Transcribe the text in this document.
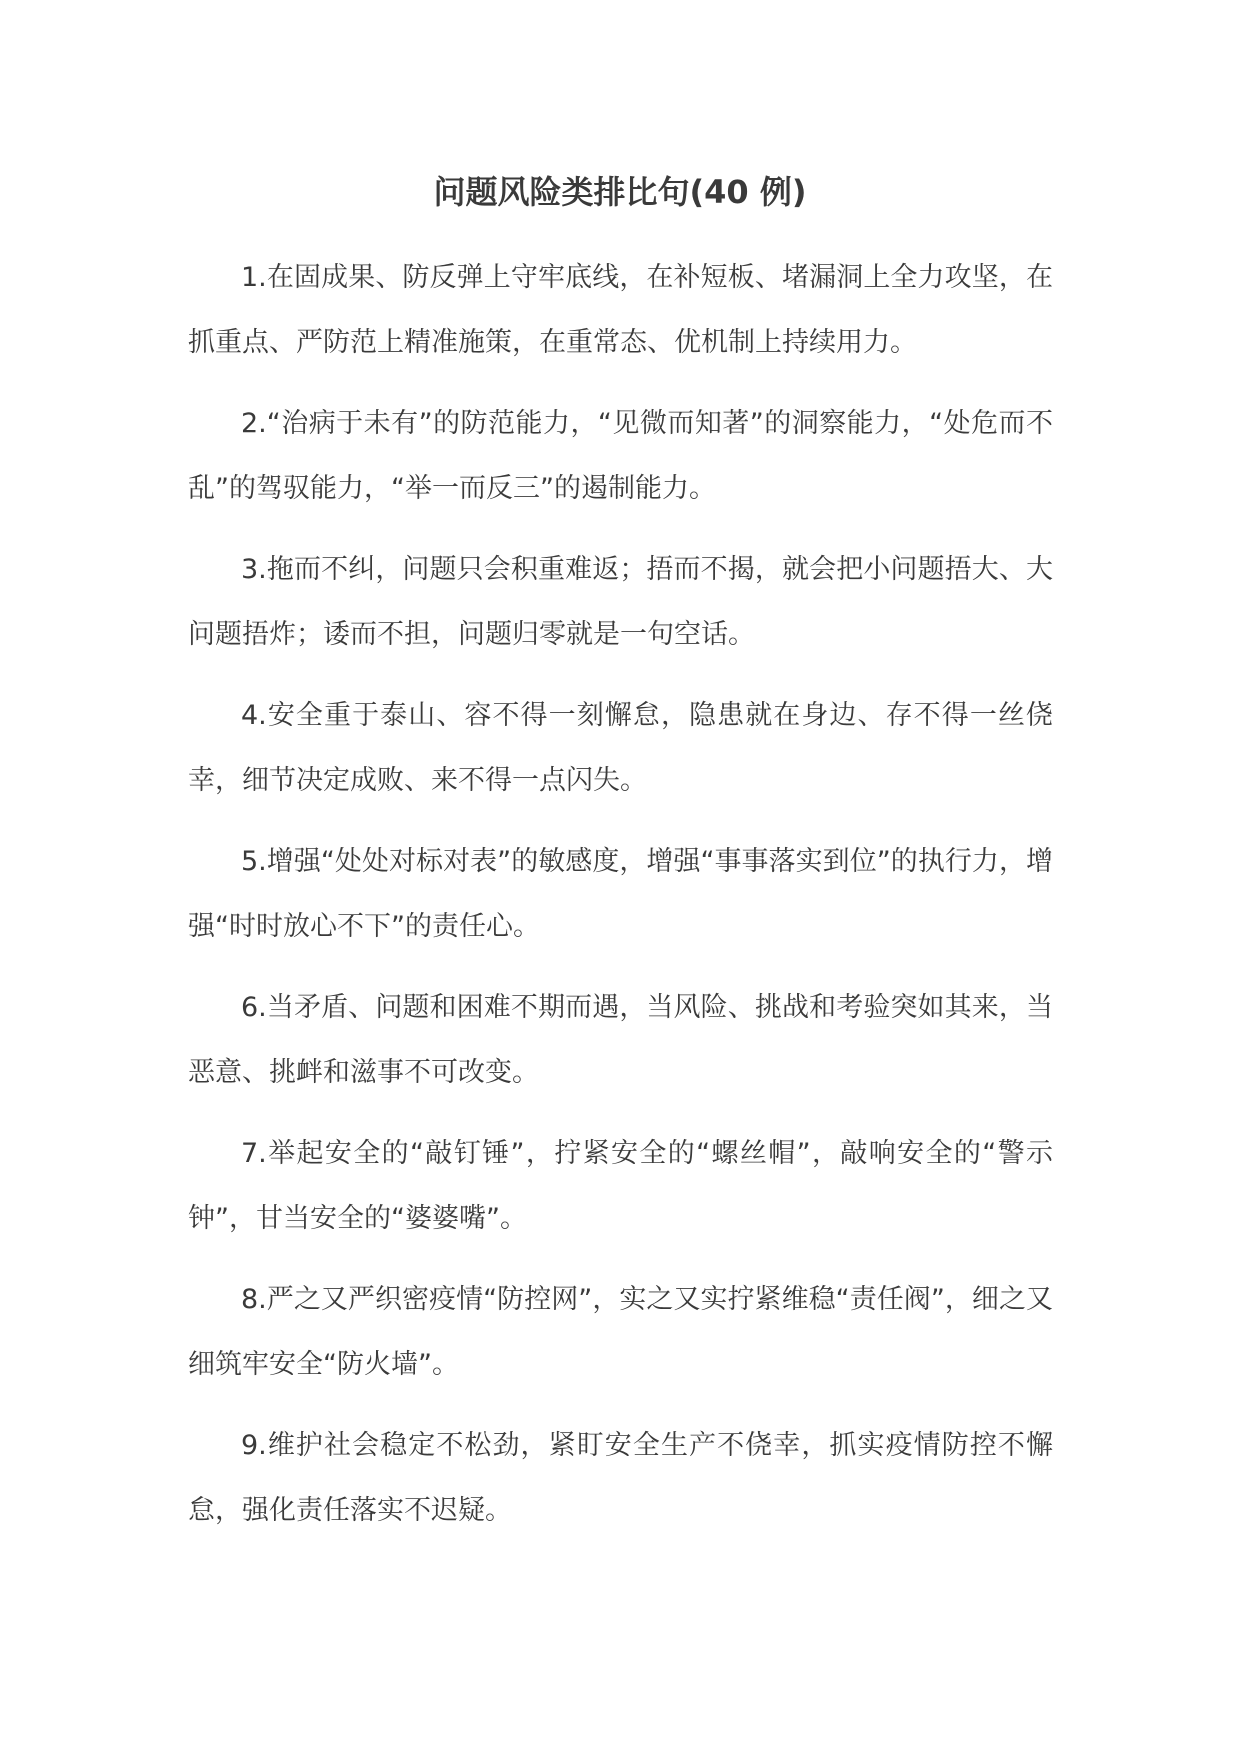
问题风险类排比句(40 例)

1.在固成果、防反弹上守牢底线，在补短板、堵漏洞上全力攻坚，在抓重点、严防范上精准施策，在重常态、优机制上持续用力。

2.“治病于未有”的防范能力，“见微而知著”的洞察能力，“处危而不乱”的驾驭能力，“举一而反三”的遏制能力。

3.拖而不纠，问题只会积重难返；捂而不揭，就会把小问题捂大、大问题捂炸；诿而不担，问题归零就是一句空话。

4.安全重于泰山、容不得一刻懈怠，隐患就在身边、存不得一丝侥幸，细节决定成败、来不得一点闪失。

5.增强“处处对标对表”的敏感度，增强“事事落实到位”的执行力，增强“时时放心不下”的责任心。

6.当矛盾、问题和困难不期而遇，当风险、挑战和考验突如其来，当恶意、挑衅和滋事不可改变。

7.举起安全的“敲钉锤”，拧紧安全的“螺丝帽”，敲响安全的“警示钟”，甘当安全的“婆婆嘴”。

8.严之又严织密疫情“防控网”，实之又实拧紧维稳“责任阀”，细之又细筑牢安全“防火墙”。

9.维护社会稳定不松劲，紧盯安全生产不侥幸，抓实疫情防控不懈怠，强化责任落实不迟疑。
